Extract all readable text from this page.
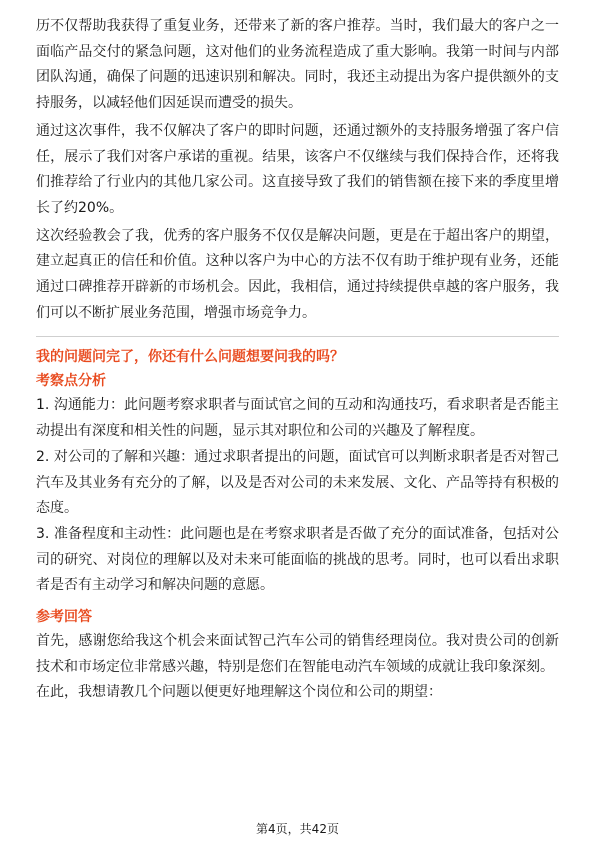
历不仅帮助我获得了重复业务，还带来了新的客户推荐。当时，我们最大的客户之一面临产品交付的紧急问题，这对他们的业务流程造成了重大影响。我第一时间与内部团队沟通，确保了问题的迅速识别和解决。同时，我还主动提出为客户提供额外的支持服务，以减轻他们因延误而遭受的损失。

通过这次事件，我不仅解决了客户的即时问题，还通过额外的支持服务增强了客户信任，展示了我们对客户承诺的重视。结果，该客户不仅继续与我们保持合作，还将我们推荐给了行业内的其他几家公司。这直接导致了我们的销售额在接下来的季度里增长了约20%。

这次经验教会了我，优秀的客户服务不仅仅是解决问题，更是在于超出客户的期望，建立起真正的信任和价值。这种以客户为中心的方法不仅有助于维护现有业务，还能通过口碑推荐开辟新的市场机会。因此，我相信，通过持续提供卓越的客户服务，我们可以不断扩展业务范围，增强市场竞争力。

我的问题问完了，你还有什么问题想要问我的吗？

考察点分析

1. 沟通能力：此问题考察求职者与面试官之间的互动和沟通技巧，看求职者是否能主动提出有深度和相关性的问题，显示其对职位和公司的兴趣及了解程度。

2. 对公司的了解和兴趣：通过求职者提出的问题，面试官可以判断求职者是否对智己汽车及其业务有充分的了解，以及是否对公司的未来发展、文化、产品等持有积极的态度。

3. 准备程度和主动性：此问题也是在考察求职者是否做了充分的面试准备，包括对公司的研究、对岗位的理解以及对未来可能面临的挑战的思考。同时，也可以看出求职者是否有主动学习和解决问题的意愿。

参考回答

首先，感谢您给我这个机会来面试智己汽车公司的销售经理岗位。我对贵公司的创新技术和市场定位非常感兴趣，特别是您们在智能电动汽车领域的成就让我印象深刻。

在此，我想请教几个问题以便更好地理解这个岗位和公司的期望：

第4页，共42页
